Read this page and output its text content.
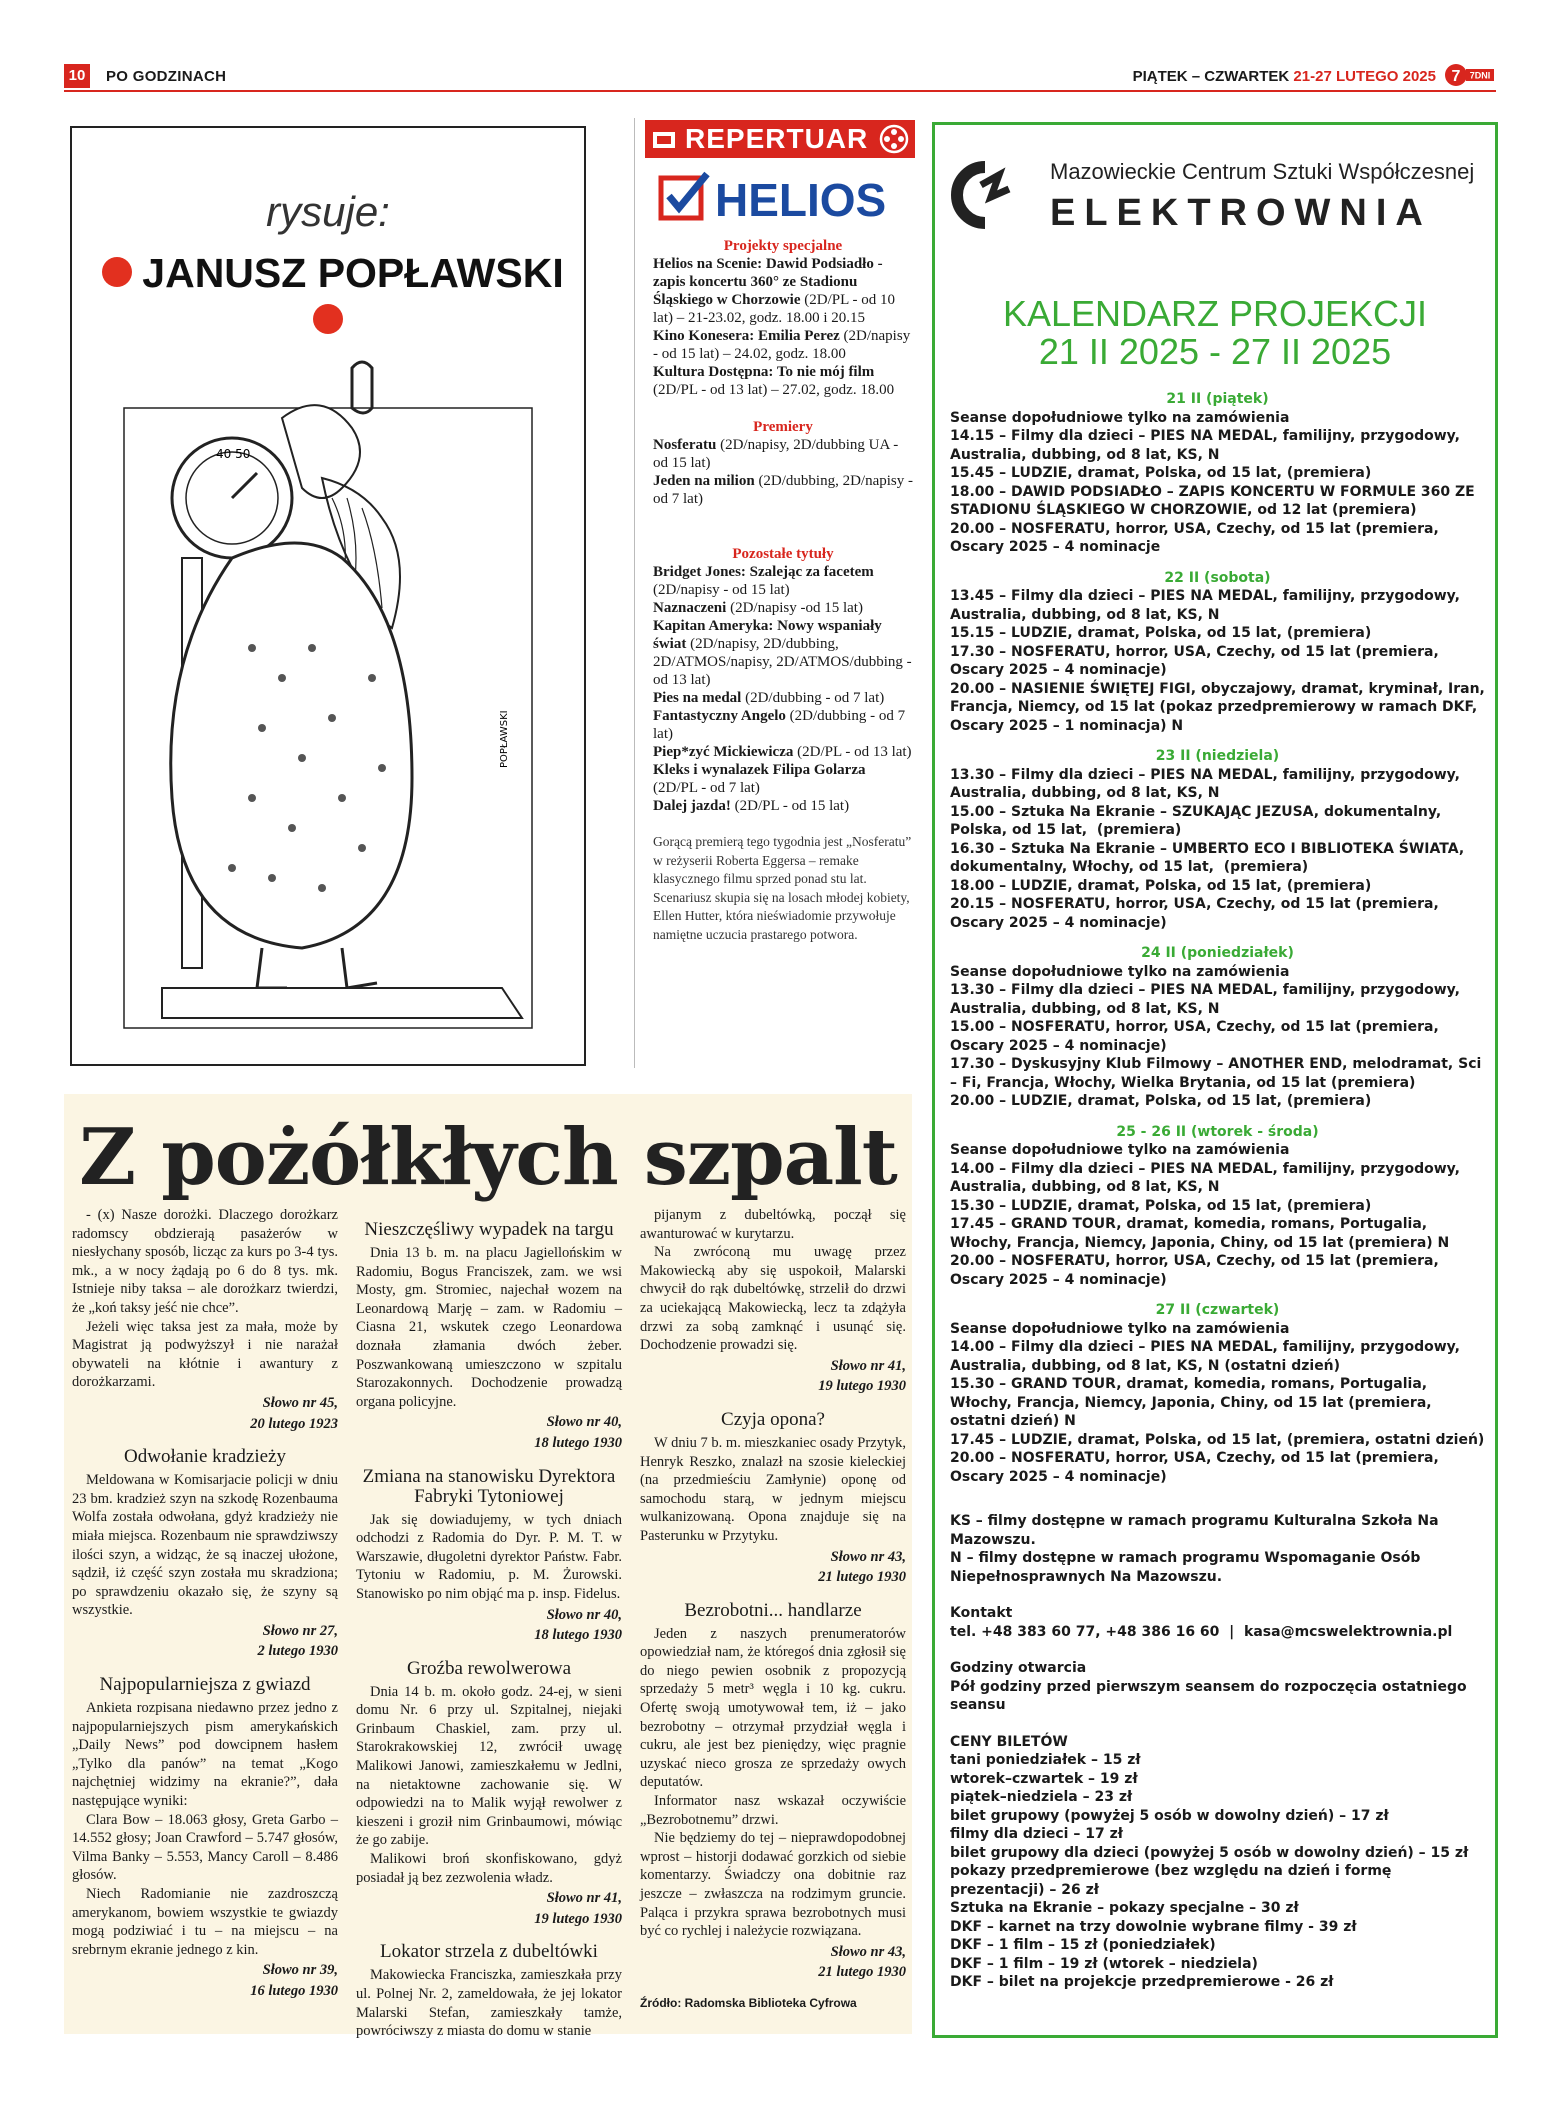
10	PO GODZINACH	PIĄTEK – CZWARTEK 21-27 LUTEGO 2025 7 7DNI
rysuje:
JANUSZ POPŁAWSKI
40 50
POPŁAWSKI
REPERTUAR
HELIOS
Projekty specjalne
Helios na Scenie: Dawid Podsiadło - zapis koncertu 360° ze Stadionu Śląskiego w Chorzowie (2D/PL - od 10 lat) – 21-23.02, godz. 18.00 i 20.15
Kino Konesera: Emilia Perez (2D/napisy - od 15 lat) – 24.02, godz. 18.00
Kultura Dostępna: To nie mój film (2D/PL - od 13 lat) – 27.02, godz. 18.00
Premiery
Nosferatu (2D/napisy, 2D/dubbing UA - od 15 lat)
Jeden na milion (2D/dubbing, 2D/napisy - od 7 lat)
Pozostałe tytuły
Bridget Jones: Szalejąc za facetem (2D/napisy - od 15 lat)
Naznaczeni (2D/napisy -od 15 lat)
Kapitan Ameryka: Nowy wspaniały świat (2D/napisy, 2D/dubbing, 2D/ATMOS/napisy, 2D/ATMOS/dubbing - od 13 lat)
Pies na medal (2D/dubbing - od 7 lat)
Fantastyczny Angelo (2D/dubbing - od 7 lat)
Piep*zyć Mickiewicza (2D/PL - od 13 lat)
Kleks i wynalazek Filipa Golarza (2D/PL - od 7 lat)
Dalej jazda! (2D/PL - od 15 lat)
Gorącą premierą tego tygodnia jest „Nosferatu” w reżyserii Roberta Eggersa – remake klasycznego filmu sprzed ponad stu lat. Scenariusz skupia się na losach młodej kobiety, Ellen Hutter, która nieświadomie przywołuje namiętne uczucia prastarego potwora.
Mazowieckie Centrum Sztuki Współczesnej
ELEKTROWNIA
KALENDARZ PROJEKCJI
21 II 2025 - 27 II 2025
21 II (piątek)
Seanse dopołudniowe tylko na zamówienia
14.15 – Filmy dla dzieci – PIES NA MEDAL, familijny, przygodowy, Australia, dubbing, od 8 lat, KS, N
15.45 – LUDZIE, dramat, Polska, od 15 lat, (premiera)
18.00 – DAWID PODSIADŁO – ZAPIS KONCERTU W FORMULE 360 ZE STADIONU ŚLĄSKIEGO W CHORZOWIE, od 12 lat (premiera)
20.00 – NOSFERATU, horror, USA, Czechy, od 15 lat (premiera, Oscary 2025 – 4 nominacje
22 II (sobota)
13.45 – Filmy dla dzieci – PIES NA MEDAL, familijny, przygodowy, Australia, dubbing, od 8 lat, KS, N
15.15 – LUDZIE, dramat, Polska, od 15 lat, (premiera)
17.30 – NOSFERATU, horror, USA, Czechy, od 15 lat (premiera, Oscary 2025 – 4 nominacje)
20.00 – NASIENIE ŚWIĘTEJ FIGI, obyczajowy, dramat, kryminał, Iran, Francja, Niemcy, od 15 lat (pokaz przedpremierowy w ramach DKF, Oscary 2025 – 1 nominacja) N
23 II (niedziela)
13.30 – Filmy dla dzieci – PIES NA MEDAL, familijny, przygodowy, Australia, dubbing, od 8 lat, KS, N
15.00 – Sztuka Na Ekranie – SZUKAJĄC JEZUSA, dokumentalny, Polska, od 15 lat,  (premiera)
16.30 – Sztuka Na Ekranie – UMBERTO ECO I BIBLIOTEKA ŚWIATA, dokumentalny, Włochy, od 15 lat,  (premiera)
18.00 – LUDZIE, dramat, Polska, od 15 lat, (premiera)
20.15 – NOSFERATU, horror, USA, Czechy, od 15 lat (premiera, Oscary 2025 – 4 nominacje)
24 II (poniedziałek)
Seanse dopołudniowe tylko na zamówienia
13.30 – Filmy dla dzieci – PIES NA MEDAL, familijny, przygodowy, Australia, dubbing, od 8 lat, KS, N
15.00 – NOSFERATU, horror, USA, Czechy, od 15 lat (premiera, Oscary 2025 – 4 nominacje)
17.30 – Dyskusyjny Klub Filmowy – ANOTHER END, melodramat, Sci – Fi, Francja, Włochy, Wielka Brytania, od 15 lat (premiera)
20.00 – LUDZIE, dramat, Polska, od 15 lat, (premiera)
25 - 26 II (wtorek - środa)
Seanse dopołudniowe tylko na zamówienia
14.00 – Filmy dla dzieci – PIES NA MEDAL, familijny, przygodowy, Australia, dubbing, od 8 lat, KS, N
15.30 – LUDZIE, dramat, Polska, od 15 lat, (premiera)
17.45 – GRAND TOUR, dramat, komedia, romans, Portugalia, Włochy, Francja, Niemcy, Japonia, Chiny, od 15 lat (premiera) N
20.00 – NOSFERATU, horror, USA, Czechy, od 15 lat (premiera, Oscary 2025 – 4 nominacje)
27 II (czwartek)
Seanse dopołudniowe tylko na zamówienia
14.00 – Filmy dla dzieci – PIES NA MEDAL, familijny, przygodowy, Australia, dubbing, od 8 lat, KS, N (ostatni dzień)
15.30 – GRAND TOUR, dramat, komedia, romans, Portugalia, Włochy, Francja, Niemcy, Japonia, Chiny, od 15 lat (premiera, ostatni dzień) N
17.45 – LUDZIE, dramat, Polska, od 15 lat, (premiera, ostatni dzień)
20.00 – NOSFERATU, horror, USA, Czechy, od 15 lat (premiera, Oscary 2025 – 4 nominacje)
KS – filmy dostępne w ramach programu Kulturalna Szkoła Na Mazowszu.
N – filmy dostępne w ramach programu Wspomaganie Osób Niepełnosprawnych Na Mazowszu.
Kontakt
tel. +48 383 60 77, +48 386 16 60  |  kasa@mcswelektrownia.pl
Godziny otwarcia
Pół godziny przed pierwszym seansem do rozpoczęcia ostatniego seansu
CENY BILETÓW
tani poniedziałek – 15 zł
wtorek–czwartek – 19 zł
piątek–niedziela – 23 zł
bilet grupowy (powyżej 5 osób w dowolny dzień) – 17 zł
filmy dla dzieci – 17 zł
bilet grupowy dla dzieci (powyżej 5 osób w dowolny dzień) – 15 zł
pokazy przedpremierowe (bez względu na dzień i formę prezentacji) – 26 zł
Sztuka na Ekranie – pokazy specjalne – 30 zł
DKF – karnet na trzy dowolnie wybrane filmy - 39 zł
DKF – 1 film – 15 zł (poniedziałek)
DKF – 1 film – 19 zł (wtorek – niedziela)
DKF – bilet na projekcje przedpremierowe - 26 zł
Z pożółkłych szpalt

- (x) Nasze dorożki. Dlaczego dorożkarz radomscy obdzierają pasażerów w niesłychany sposób, licząc za kurs po 3-4 tys. mk., a w nocy żądają po 6 do 8 tys. mk. Istnieje niby taksa – ale dorożkarz twierdzi, że „koń taksy jeść nie chce”.

Jeżeli więc taksa jest za mała, może by Magistrat ją podwyższył i nie narażał obywateli na kłótnie i awantury z dorożkarzami.

Słowo nr 45,

20 lutego 1923

Odwołanie kradzieży

Meldowana w Komisarjacie policji w dniu 23 bm. kradzież szyn na szkodę Rozenbauma Wolfa została odwołana, gdyż kradzieży nie miała miejsca. Rozenbaum nie sprawdziwszy ilości szyn, a widząc, że są inaczej ułożone, sądził, iż część szyn została mu skradziona; po sprawdzeniu okazało się, że szyny są wszystkie.

Słowo nr 27,

2 lutego 1930

Najpopularniejsza z gwiazd

Ankieta rozpisana niedawno przez jedno z najpopularniejszych pism amerykańskich „Daily News” pod dowcipnem hasłem „Tylko dla panów” na temat „Kogo najchętniej widzimy na ekranie?”, dała następujące wyniki:

Clara Bow – 18.063 głosy, Greta Garbo – 14.552 głosy; Joan Crawford – 5.747 głosów, Vilma Banky – 5.553, Mancy Caroll – 8.486 głosów.

Niech Radomianie nie zazdroszczą amerykanom, bowiem wszystkie te gwiazdy mogą podziwiać i tu – na miejscu – na srebrnym ekranie jednego z kin.

Słowo nr 39,

16 lutego 1930

Nieszczęśliwy wypadek na targu

Dnia 13 b. m. na placu Jagiellońskim w Radomiu, Bogus Franciszek, zam. we wsi Mosty, gm. Stromiec, najechał wozem na Leonardową Marję – zam. w Radomiu – Ciasna 21, wskutek czego Leonardowa doznała złamania dwóch żeber. Poszwankowaną umieszczono w szpitalu Starozakonnych. Dochodzenie prowadzą organa policyjne.

Słowo nr 40,

18 lutego 1930

Zmiana na stanowisku Dyrektora Fabryki Tytoniowej

Jak się dowiadujemy, w tych dniach odchodzi z Radomia do Dyr. P. M. T. w Warszawie, długoletni dyrektor Państw. Fabr. Tytoniu w Radomiu, p. M. Żurowski. Stanowisko po nim objąć ma p. insp. Fidelus.

Słowo nr 40,

18 lutego 1930

Groźba rewolwerowa

Dnia 14 b. m. około godz. 24-ej, w sieni domu Nr. 6 przy ul. Szpitalnej, niejaki Grinbaum Chaskiel, zam. przy ul. Starokrakowskiej 12, zwrócił uwagę Malikowi Janowi, zamieszkałemu w Jedlni, na nietaktowne zachowanie się. W odpowiedzi na to Malik wyjął rewolwer z kieszeni i groził nim Grinbaumowi, mówiąc że go zabije.

Malikowi broń skonfiskowano, gdyż posiadał ją bez zezwolenia władz.

Słowo nr 41,

19 lutego 1930

Lokator strzela z dubeltówki

Makowiecka Franciszka, zamieszkała przy ul. Polnej Nr. 2, zameldowała, że jej lokator Malarski Stefan, zamieszkały tamże, powróciwszy z miasta do domu w stanie

pijanym z dubeltówką, począł się awanturować w kurytarzu.

Na zwróconą mu uwagę przez Makowiecką aby się uspokoił, Malarski chwycił do rąk dubeltówkę, strzelił do drzwi za uciekającą Makowiecką, lecz ta zdążyła drzwi za sobą zamknąć i usunąć się. Dochodzenie prowadzi się.

Słowo nr 41,

19 lutego 1930

Czyja opona?

W dniu 7 b. m. mieszkaniec osady Przytyk, Henryk Reszko, znalazł na szosie kieleckiej (na przedmieściu Zamłynie) oponę od samochodu starą, w jednym miejscu wulkanizowaną. Opona znajduje się na Pasterunku w Przytyku.

Słowo nr 43,

21 lutego 1930

Bezrobotni... handlarze

Jeden z naszych prenumeratorów opowiedział nam, że któregoś dnia zgłosił się do niego pewien osobnik z propozycją sprzedaży 5 metr³ węgla i 10 kg. cukru. Ofertę swoją umotywował tem, iż – jako bezrobotny – otrzymał przydział węgla i cukru, ale jest bez pieniędzy, więc pragnie uzyskać nieco grosza ze sprzedaży owych deputatów.

Informator nasz wskazał oczywiście „Bezrobotnemu” drzwi.

Nie będziemy do tej – nieprawdopodobnej wprost – historji dodawać gorzkich od siebie komentarzy. Świadczy ona dobitnie raz jeszcze – zwłaszcza na rodzimym gruncie. Paląca i przykra sprawa bezrobotnych musi być co rychlej i należycie rozwiązana.

Słowo nr 43,

21 lutego 1930

Źródło: Radomska Biblioteka Cyfrowa
